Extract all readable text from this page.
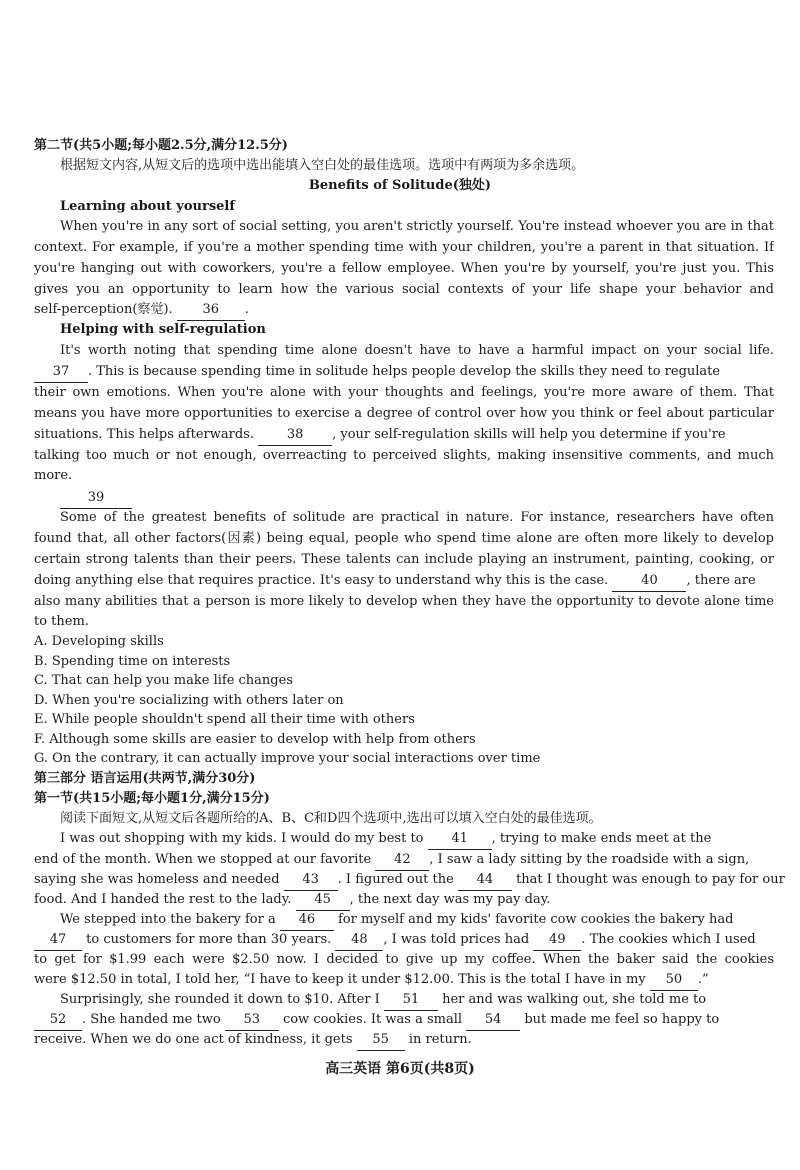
第二节(共5小题;每小题2.5分,满分12.5分)
根据短文内容,从短文后的选项中选出能填入空白处的最佳选项。选项中有两项为多余选项。
Benefits of Solitude(独处)
Learning about yourself
When you're in any sort of social setting, you aren't strictly yourself. You're instead whoever you are in that
context. For example, if you're a mother spending time with your children, you're a parent in that situation. If
you're hanging out with coworkers, you're a fellow employee. When you're by yourself, you're just you. This
gives you an opportunity to learn how the various social contexts of your life shape your behavior and
self-perception(察觉). 36 .
Helping with self-regulation
It's worth noting that spending time alone doesn't have to have a harmful impact on your social life.
37 . This is because spending time in solitude helps people develop the skills they need to regulate
their own emotions. When you're alone with your thoughts and feelings, you're more aware of them. That
means you have more opportunities to exercise a degree of control over how you think or feel about particular
situations. This helps afterwards.	38 , your self-regulation skills will help you determine if you're
talking too much or not enough, overreacting to perceived slights, making insensitive comments, and much
more.
39
Some of the greatest benefits of solitude are practical in nature. For instance, researchers have often
found that, all other factors(因素) being equal, people who spend time alone are often more likely to develop
certain strong talents than their peers. These talents can include playing an instrument, painting, cooking, or
doing anything else that requires practice. It's easy to understand why this is the case.	40 , there are
also many abilities that a person is more likely to develop when they have the opportunity to devote alone time
to them.
A. Developing skills
B. Spending time on interests
C. That can help you make life changes
D. When you're socializing with others later on
E. While people shouldn't spend all their time with others
F. Although some skills are easier to develop with help from others
G. On the contrary, it can actually improve your social interactions over time
第三部分 语言运用(共两节,满分30分)
第一节(共15小题;每小题1分,满分15分)
阅读下面短文,从短文后各题所给的A、B、C和D四个选项中,选出可以填入空白处的最佳选项。
I was out shopping with my kids. I would do my best to 41 , trying to make ends meet at the
end of the month. When we stopped at our favorite 42 , I saw a lady sitting by the roadside with a sign,
saying she was homeless and needed 43 . I figured out the 44 that I thought was enough to pay for our
food. And I handed the rest to the lady. 45 , the next day was my pay day.
We stepped into the bakery for a 46 for myself and my kids' favorite cow cookies the bakery had
47 to customers for more than 30 years. 48 , I was told prices had 49 . The cookies which I used
to get for $1.99 each were $2.50 now. I decided to give up my coffee. When the baker said the cookies
were $12.50 in total, I told her, “I have to keep it under $12.00. This is the total I have in my 50 .”
Surprisingly, she rounded it down to $10. After I 51 her and was walking out, she told me to
52 . She handed me two 53 cow cookies. It was a small 54 but made me feel so happy to
receive. When we do one act of kindness, it gets 55 in return.
高三英语 第6页(共8页)
